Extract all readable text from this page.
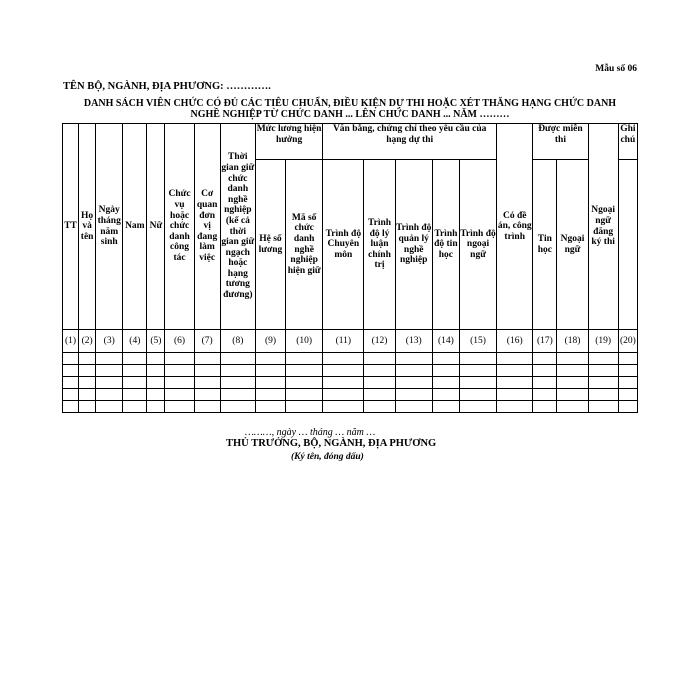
Mẫu số 06
TÊN BỘ, NGÀNH, ĐỊA PHƯƠNG: ………….
DANH SÁCH VIÊN CHỨC CÓ ĐỦ CÁC TIÊU CHUẨN, ĐIỀU KIỆN DỰ THI HOẶC XÉT THĂNG HẠNG CHỨC DANH
NGHỀ NGHIỆP TỪ CHỨC DANH ... LÊN CHỨC DANH ... NĂM ………
TT	Họ và tên	Ngày tháng năm sinh	Nam	Nữ	Chức vụ hoặc chức danh công tác	Cơ quan đơn vị đang làm việc	Thời gian giữ chức danh nghề nghiệp (kể cả thời gian giữ ngạch hoặc hạng tương đương)	Mức lương hiện hưởng		Văn bằng, chứng chỉ theo yêu cầu của hạng dự thi					Có đề án, công trình	Được miễn thi		Ngoại ngữ đăng ký thi	Ghi chú
								Hệ số lương	Mã số chức danh nghề nghiệp hiện giữ	Trình độ Chuyên môn	Trình độ lý luận chính trị	Trình độ quản lý nghề nghiệp	Trình độ tin học	Trình độ ngoại ngữ		Tin học	Ngoại ngữ		
(1)	(2)	(3)	(4)	(5)	(6)	(7)	(8)	(9)	(10)	(11)	(12)	(13)	(14)	(15)	(16)	(17)	(18)	(19)	(20)

………, ngày … tháng … năm …
THỦ TRƯỞNG, BỘ, NGÀNH, ĐỊA PHƯƠNG
(Ký tên, đóng dấu)
